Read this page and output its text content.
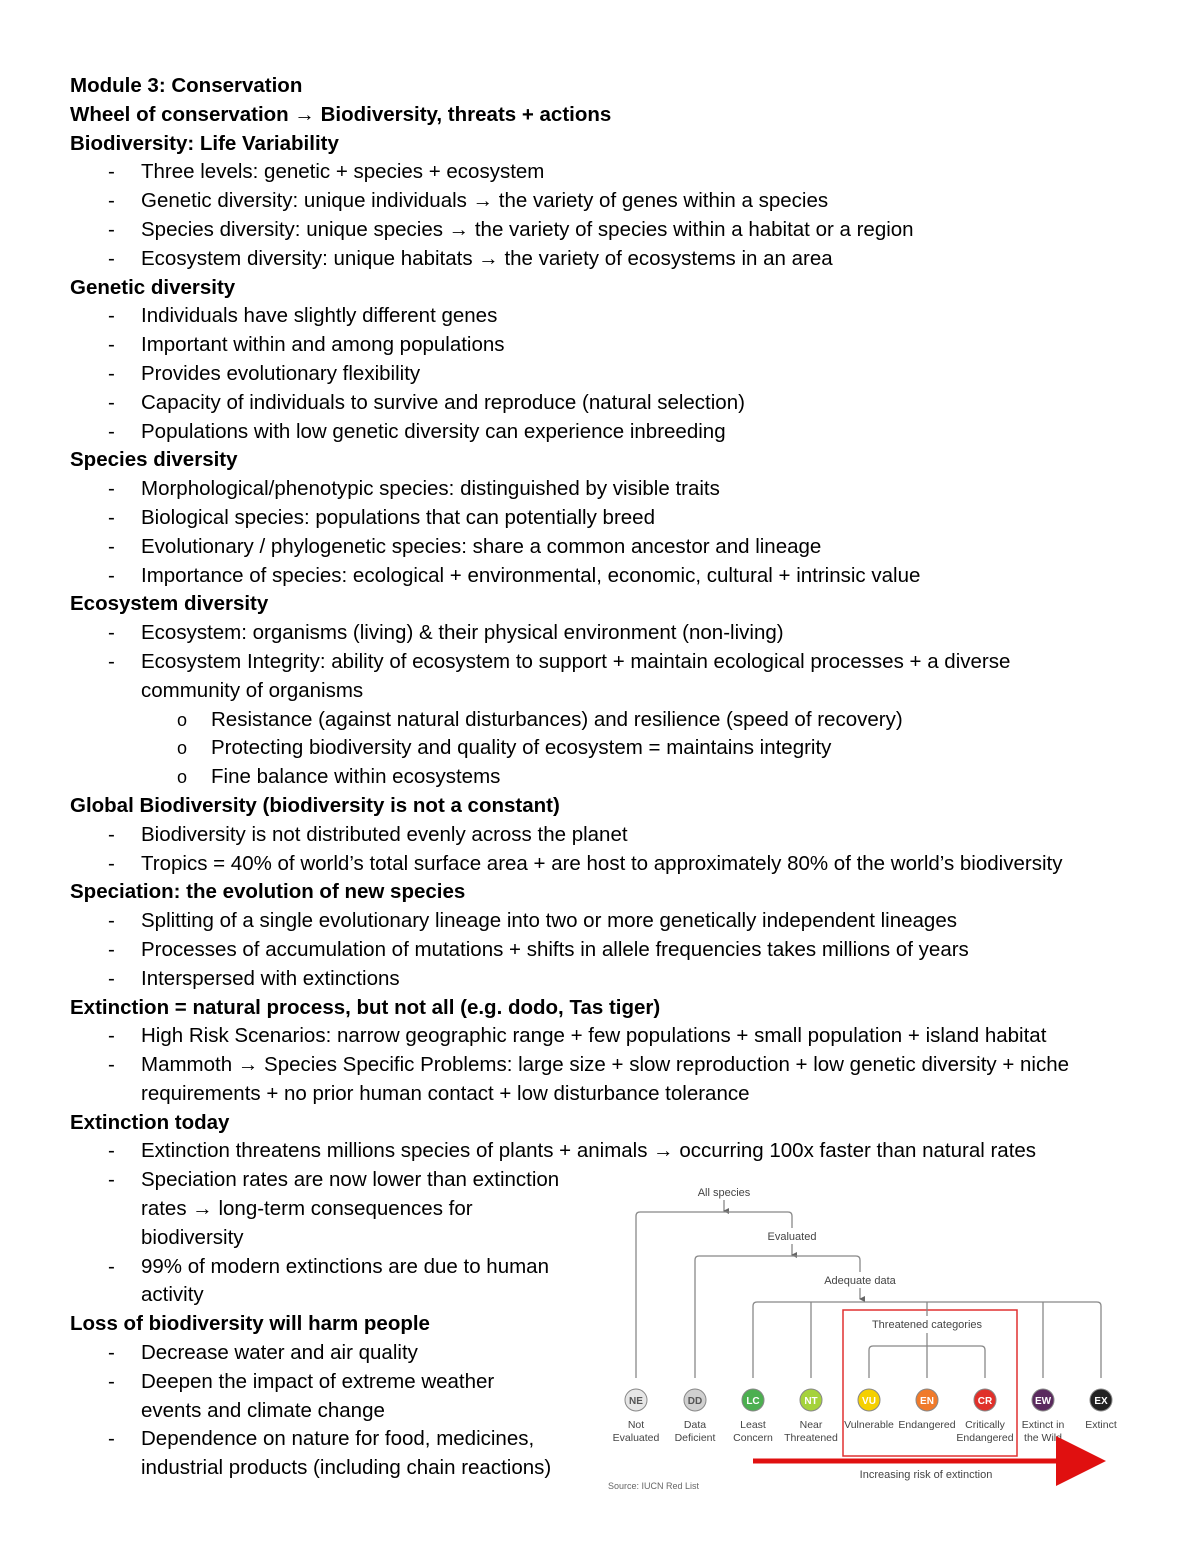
Module 3: Conservation
Wheel of conservation → Biodiversity, threats + actions
Biodiversity: Life Variability
- Three levels: genetic + species + ecosystem
- Genetic diversity: unique individuals → the variety of genes within a species
- Species diversity: unique species → the variety of species within a habitat or a region
- Ecosystem diversity: unique habitats → the variety of ecosystems in an area
Genetic diversity
- Individuals have slightly different genes
- Important within and among populations
- Provides evolutionary flexibility
- Capacity of individuals to survive and reproduce (natural selection)
- Populations with low genetic diversity can experience inbreeding
Species diversity
- Morphological/phenotypic species: distinguished by visible traits
- Biological species: populations that can potentially breed
- Evolutionary / phylogenetic species: share a common ancestor and lineage
- Importance of species: ecological + environmental, economic, cultural + intrinsic value
Ecosystem diversity
- Ecosystem: organisms (living) & their physical environment (non-living)
- Ecosystem Integrity: ability of ecosystem to support + maintain ecological processes + a diverse
community of organisms
o Resistance (against natural disturbances) and resilience (speed of recovery)
o Protecting biodiversity and quality of ecosystem = maintains integrity
o Fine balance within ecosystems
Global Biodiversity (biodiversity is not a constant)
- Biodiversity is not distributed evenly across the planet
- Tropics = 40% of world’s total surface area + are host to approximately 80% of the world’s biodiversity
Speciation: the evolution of new species
- Splitting of a single evolutionary lineage into two or more genetically independent lineages
- Processes of accumulation of mutations + shifts in allele frequencies takes millions of years
- Interspersed with extinctions
Extinction = natural process, but not all (e.g. dodo, Tas tiger)
- High Risk Scenarios: narrow geographic range + few populations + small population + island habitat
- Mammoth → Species Specific Problems: large size + slow reproduction + low genetic diversity + niche
requirements + no prior human contact + low disturbance tolerance
Extinction today
- Extinction threatens millions species of plants + animals → occurring 100x faster than natural rates
- Speciation rates are now lower than extinction
rates → long-term consequences for
biodiversity
- 99% of modern extinctions are due to human
activity
Loss of biodiversity will harm people
- Decrease water and air quality
- Deepen the impact of extreme weather
events and climate change
- Dependence on nature for food, medicines,
industrial products (including chain reactions)
All species
Evaluated
Adequate data
Threatened categories
NE
Not
Evaluated
DD
Data
Deficient
LC
Least
Concern
NT
Near
Threatened
VU
Vulnerable
EN
Endangered
CR
Critically
Endangered
EW
Extinct in
the Wild
EX
Extinct
Increasing risk of extinction
Source: IUCN Red List
